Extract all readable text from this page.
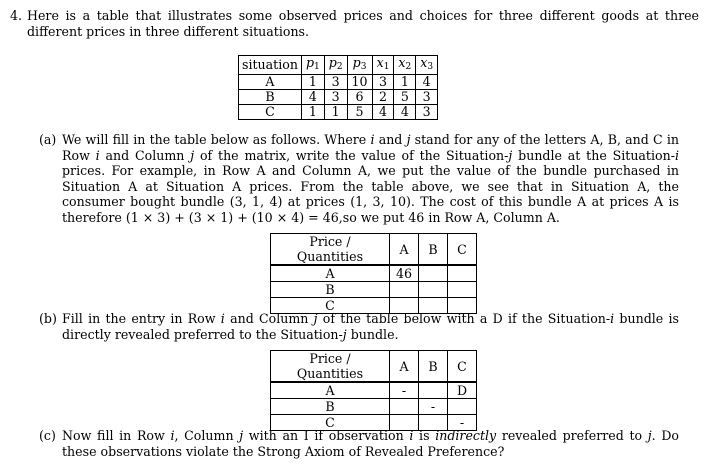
4. Here is a table that illustrates some observed prices and choices for three different goods at three different prices in three different situations.
situation	$p_1$	$p_2$	$p_3$	$x_1$	$x_2$	$x_3$
A	1	3	10	3	1	4
B	4	3	6	2	5	3
C	1	1	5	4	4	3
(a) We will fill in the table below as follows. Where i and j stand for any of the letters A, B, and C in Row i and Column j of the matrix, write the value of the Situation-j bundle at the Situation-i prices. For example, in Row A and Column A, we put the value of the bundle purchased in Situation A at Situation A prices. From the table above, we see that in Situation A, the consumer bought bundle (3, 1, 4) at prices (1, 3, 10). The cost of this bundle A at prices A is therefore (1 × 3) + (3 × 1) + (10 × 4) = 46,so we put 46 in Row A, Column A.
Price / Quantities	A	B	C
A	46		
B			
C			
(b) Fill in the entry in Row i and Column j of the table below with a D if the Situation-i bundle is directly revealed preferred to the Situation-j bundle.
Price / Quantities	A	B	C
A	-		D
B		-	
C			-
(c) Now fill in Row i, Column j with an I if observation i is indirectly revealed preferred to j. Do these observations violate the Strong Axiom of Revealed Preference?
